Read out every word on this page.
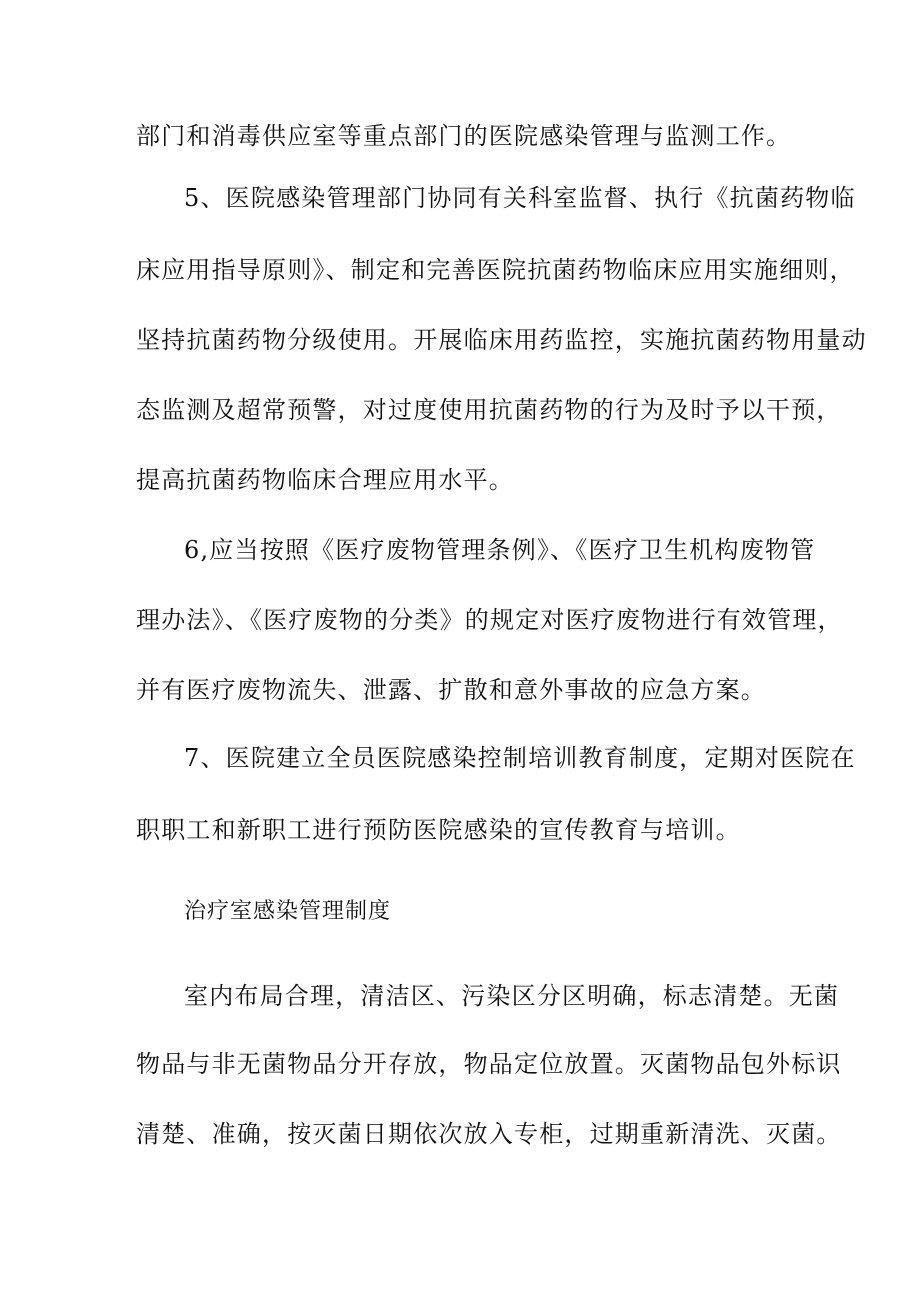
部门和消毒供应室等重点部门的医院感染管理与监测工作。
5、医院感染管理部门协同有关科室监督、执行《抗菌药物临
床应用指导原则》、制定和完善医院抗菌药物临床应用实施细则，
坚持抗菌药物分级使用。开展临床用药监控，实施抗菌药物用量动
态监测及超常预警，对过度使用抗菌药物的行为及时予以干预，
提高抗菌药物临床合理应用水平。
6,应当按照《医疗废物管理条例》、《医疗卫生机构废物管
理办法》、《医疗废物的分类》的规定对医疗废物进行有效管理，
并有医疗废物流失、泄露、扩散和意外事故的应急方案。
7、医院建立全员医院感染控制培训教育制度，定期对医院在
职职工和新职工进行预防医院感染的宣传教育与培训。
治疗室感染管理制度
室内布局合理，清洁区、污染区分区明确，标志清楚。无菌
物品与非无菌物品分开存放，物品定位放置。灭菌物品包外标识
清楚、准确，按灭菌日期依次放入专柜，过期重新清洗、灭菌。
